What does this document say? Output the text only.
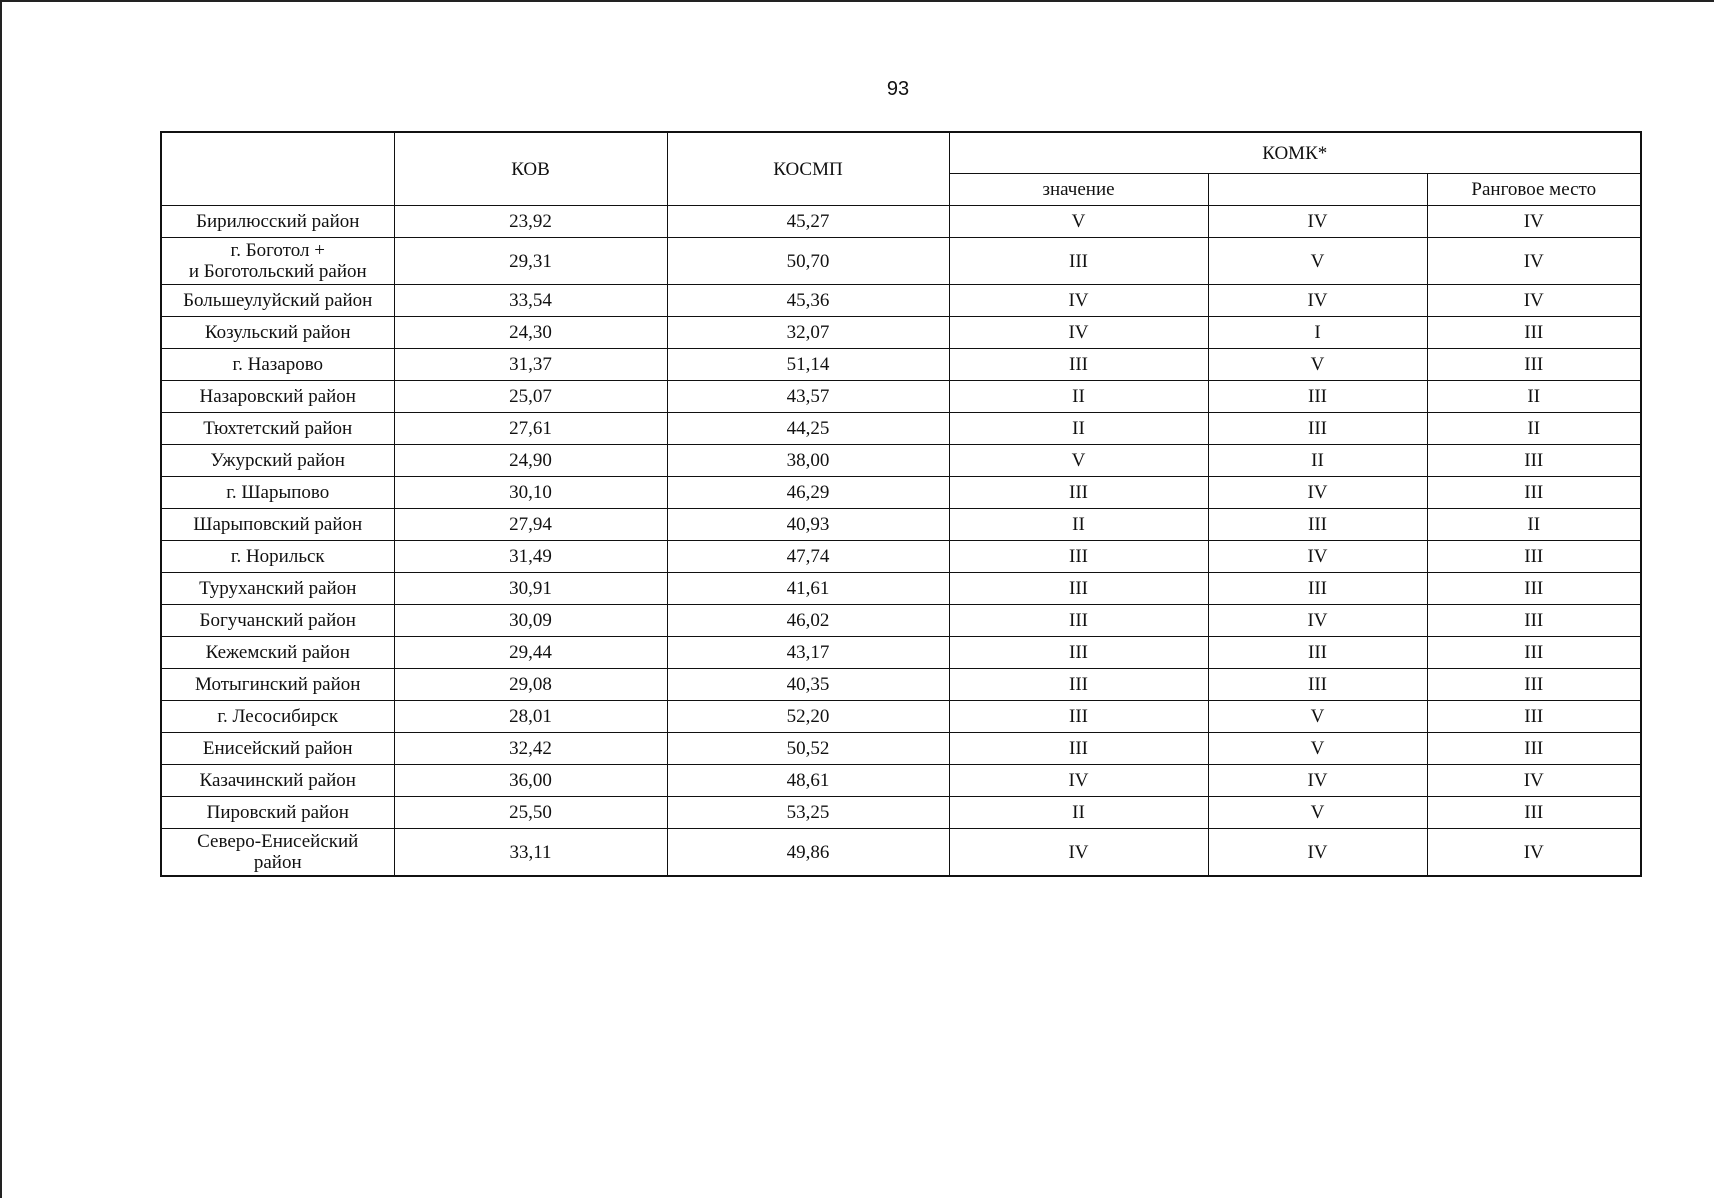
93
	КОВ	КОСМП	КОМК*		
			значение		Ранговое место
Бирилюсский район	23,92	45,27	V	IV	IV
г. Боготол +
и Боготольский район	29,31	50,70	III	V	IV
Большеулуйский район	33,54	45,36	IV	IV	IV
Козульский район	24,30	32,07	IV	I	III
г. Назарово	31,37	51,14	III	V	III
Назаровский район	25,07	43,57	II	III	II
Тюхтетский район	27,61	44,25	II	III	II
Ужурский район	24,90	38,00	V	II	III
г. Шарыпово	30,10	46,29	III	IV	III
Шарыповский район	27,94	40,93	II	III	II
г. Норильск	31,49	47,74	III	IV	III
Туруханский район	30,91	41,61	III	III	III
Богучанский район	30,09	46,02	III	IV	III
Кежемский район	29,44	43,17	III	III	III
Мотыгинский район	29,08	40,35	III	III	III
г. Лесосибирск	28,01	52,20	III	V	III
Енисейский район	32,42	50,52	III	V	III
Казачинский район	36,00	48,61	IV	IV	IV
Пировский район	25,50	53,25	II	V	III
Северо-Енисейский
район	33,11	49,86	IV	IV	IV
